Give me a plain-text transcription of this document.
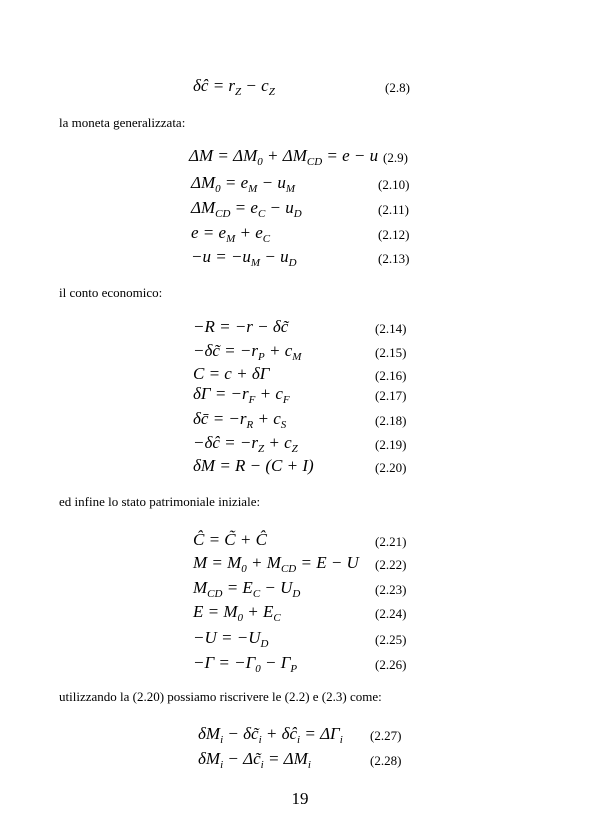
δĉ = $r_Z - c_Z$	(2.8)
$\Delta M = \Delta M_0 + \Delta M_{CD} = e - u$ (2.9)
$\Delta M_0 = e_M - u_M$	(2.10)
$\Delta M_{CD} = e_C - u_D$	(2.11)
$e = e_M + e_C$	(2.12)
$-u = -u_M - u_D$	(2.13)
−R = −r − δc̃	(2.14)
−δc̃ = $-r_P + c_M$	(2.15)
C = c + δΓ	(2.16)
$\delta\Gamma = -r_F + c_F$	(2.17)
δc̄ = $-r_R + c_S$	(2.18)
−δĉ = $-r_Z + c_Z$	(2.19)
δM = R − (C + I)	(2.20)
Ĉ = C̃ + Ĉ	(2.21)
$M = M_0 + M_{CD} = E - U$ (2.22)
$M_{CD} = E_C - U_D$	(2.23)
$E = M_0 + E_C$	(2.24)
$-U = -U_D$	(2.25)
$-\Gamma = -\Gamma_0 - \Gamma_P$	(2.26)
$\delta M_i$ − $\delta c̃_i$ + $\delta ĉ_i = \Delta\Gamma_i$ (2.27)
$\delta M_i$ − $\Delta c̃_i = \Delta M_i$	(2.28)
la moneta generalizzata:
il conto economico:
ed infine lo stato patrimoniale iniziale:
utilizzando la (2.20) possiamo riscrivere le (2.2) e (2.3) come:
19
